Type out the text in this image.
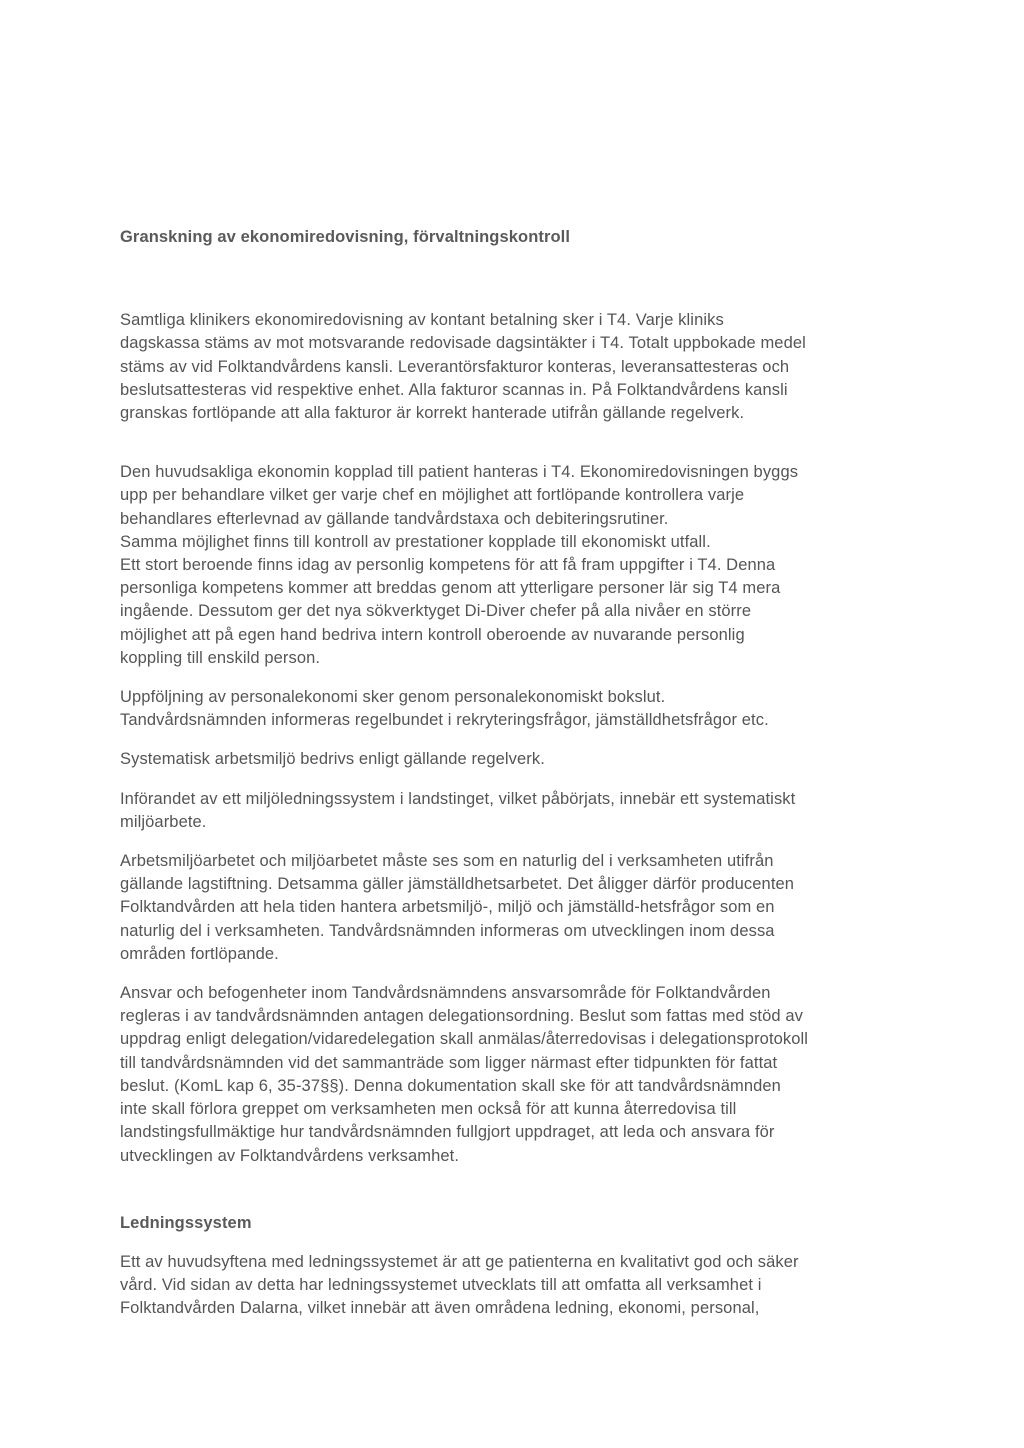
Granskning av ekonomiredovisning, förvaltningskontroll

Samtliga klinikers ekonomiredovisning av kontant betalning sker i T4. Varje kliniks
dagskassa stäms av mot motsvarande redovisade dagsintäkter i T4. Totalt uppbokade medel
stäms av vid Folktandvårdens kansli. Leverantörsfakturor konteras, leveransattesteras och
beslutsattesteras vid respektive enhet. Alla fakturor scannas in. På Folktandvårdens kansli
granskas fortlöpande att alla fakturor är korrekt hanterade utifrån gällande regelverk.

Den huvudsakliga ekonomin kopplad till patient hanteras i T4. Ekonomiredovisningen byggs
upp per behandlare vilket ger varje chef en möjlighet att fortlöpande kontrollera varje
behandlares efterlevnad av gällande tandvårdstaxa och debiteringsrutiner.
Samma möjlighet finns till kontroll av prestationer kopplade till ekonomiskt utfall.
Ett stort beroende finns idag av personlig kompetens för att få fram uppgifter i T4. Denna
personliga kompetens kommer att breddas genom att ytterligare personer lär sig T4 mera
ingående. Dessutom ger det nya sökverktyget Di-Diver chefer på alla nivåer en större
möjlighet att på egen hand bedriva intern kontroll oberoende av nuvarande personlig
koppling till enskild person.

Uppföljning av personalekonomi sker genom personalekonomiskt bokslut.
Tandvårdsnämnden informeras regelbundet i rekryteringsfrågor, jämställdhetsfrågor etc.

Systematisk arbetsmiljö bedrivs enligt gällande regelverk.

Införandet av ett miljöledningssystem i landstinget, vilket påbörjats, innebär ett systematiskt
miljöarbete.

Arbetsmiljöarbetet och miljöarbetet måste ses som en naturlig del i verksamheten utifrån
gällande lagstiftning. Detsamma gäller jämställdhetsarbetet. Det åligger därför producenten
Folktandvården att hela tiden hantera arbetsmiljö-, miljö och jämställd-hetsfrågor som en
naturlig del i verksamheten. Tandvårdsnämnden informeras om utvecklingen inom dessa
områden fortlöpande.

Ansvar och befogenheter inom Tandvårdsnämndens ansvarsområde för Folktandvården
regleras i av tandvårdsnämnden antagen delegationsordning. Beslut som fattas med stöd av
uppdrag enligt delegation/vidaredelegation skall anmälas/återredovisas i delegationsprotokoll
till tandvårdsnämnden vid det sammanträde som ligger närmast efter tidpunkten för fattat
beslut. (KomL kap 6, 35-37§§). Denna dokumentation skall ske för att tandvårdsnämnden
inte skall förlora greppet om verksamheten men också för att kunna återredovisa till
landstingsfullmäktige hur tandvårdsnämnden fullgjort uppdraget, att leda och ansvara för
utvecklingen av Folktandvårdens verksamhet.

Ledningssystem

Ett av huvudsyftena med ledningssystemet är att ge patienterna en kvalitativt god och säker
vård. Vid sidan av detta har ledningssystemet utvecklats till att omfatta all verksamhet i
Folktandvården Dalarna, vilket innebär att även områdena ledning, ekonomi, personal,
